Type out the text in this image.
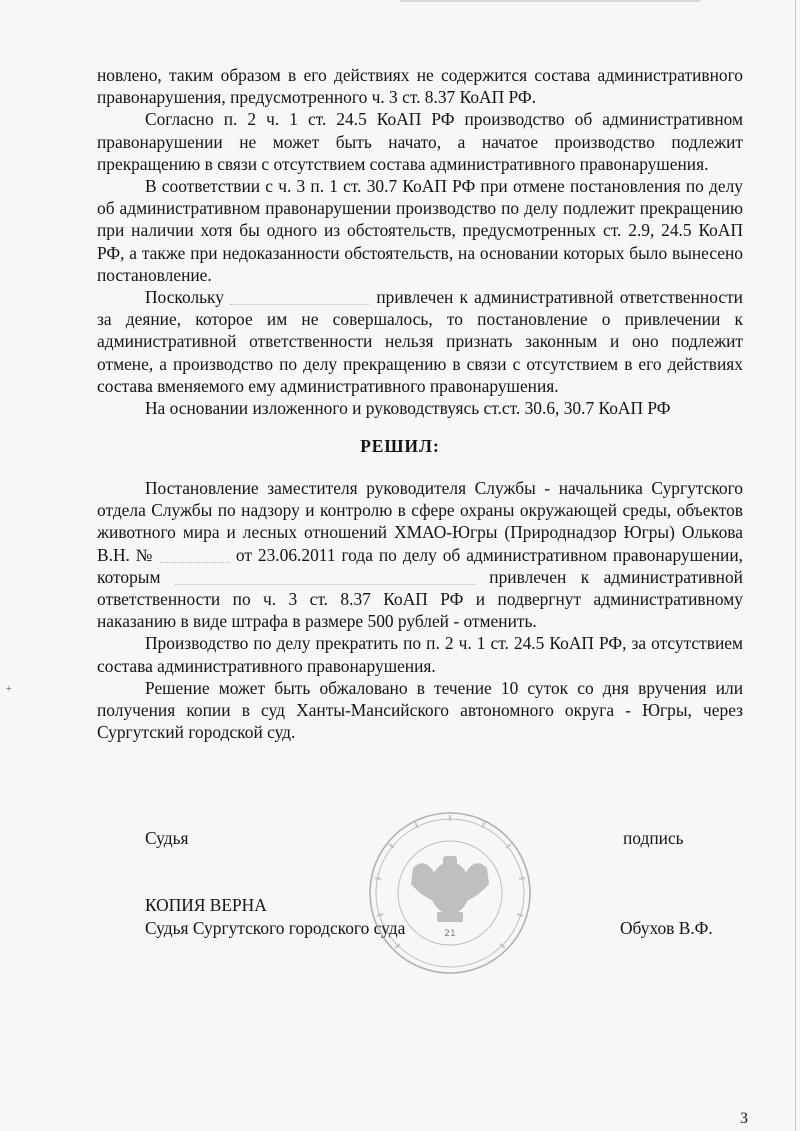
+

новлено, таким образом в его действиях не содержится состава административного правонарушения, предусмотренного ч. 3 ст. 8.37 КоАП РФ.

Согласно п. 2 ч. 1 ст. 24.5 КоАП РФ производство об административном правонарушении не может быть начато, а начатое производство подлежит прекращению в связи с отсутствием состава административного правонарушения.

В соответствии с ч. 3 п. 1 ст. 30.7 КоАП РФ при отмене постановления по делу об административном правонарушении производство по делу подлежит прекращению при наличии хотя бы одного из обстоятельств, предусмотренных ст. 2.9, 24.5 КоАП РФ, а также при недоказанности обстоятельств, на основании которых было вынесено постановление.

Поскольку	привлечен к административной ответственности за деяние, которое им не совершалось, то постановление о привлечении к административной ответственности нельзя признать законным и оно подлежит отмене, а производство по делу прекращению в связи с отсутствием в его действиях состава вменяемого ему административного правонарушения.

На основании изложенного и руководствуясь ст.ст. 30.6, 30.7 КоАП РФ

РЕШИЛ:

Постановление заместителя руководителя Службы - начальника Сургутского отдела Службы по надзору и контролю в сфере охраны окружающей среды, объектов животного мира и лесных отношений ХМАО-Югры (Природнадзор Югры) Олькова В.Н. №	от 23.06.2011 года по делу об административном правонарушении, которым	привлечен к административной ответственности по ч. 3 ст. 8.37 КоАП РФ и подвергнут административному наказанию в виде штрафа в размере 500 рублей - отменить.

Производство по делу прекратить по п. 2 ч. 1 ст. 24.5 КоАП РФ, за отсутствием состава административного правонарушения.

Решение может быть обжаловано в течение 10 суток со дня вручения или получения копии в суд Ханты-Мансийского автономного округа - Югры, через Сургутский городской суд.

Судья	подпись
КОПИЯ ВЕРНА
Судья Сургутского городского суда	Обухов В.Ф.
21
3
